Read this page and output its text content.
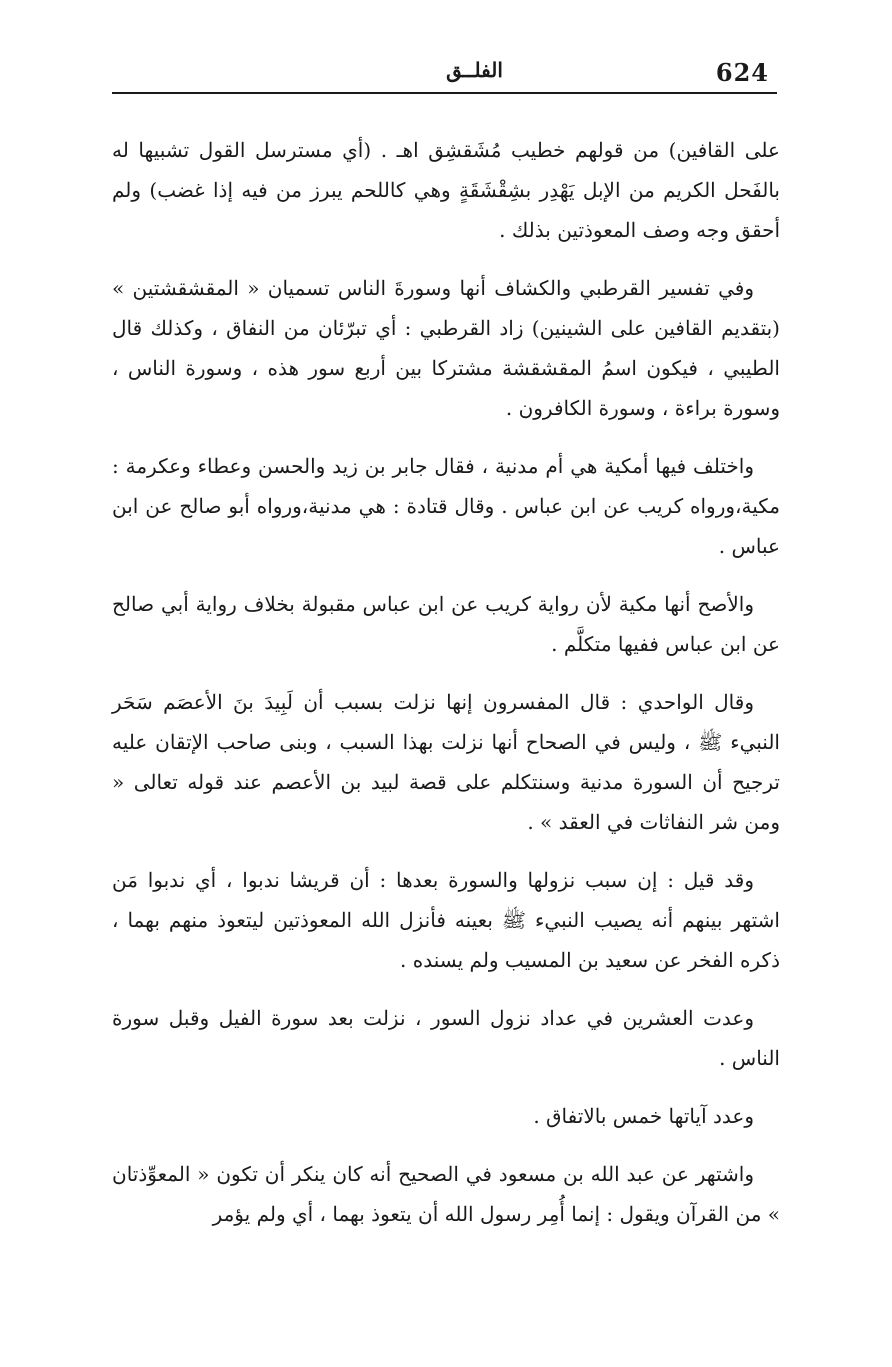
624
الفلــق

على القافين) من قولهم خطيب مُشَقشِق اهـ . (أي مسترسل القول تشبيها له بالفَحل الكريم من الإبل يَهْدِر بشِقْشَقَةٍ وهي كاللحم يبرز من فيه إذا غضب) ولم أحقق وجه وصف المعوذتين بذلك .

وفي تفسير القرطبي والكشاف أنها وسورةَ الناس تسميان « المقشقشتين » (بتقديم القافين على الشينين) زاد القرطبي : أي تبرّئان من النفاق ، وكذلك قال الطيبي ، فيكون اسمُ المقشقشة مشتركا بين أربع سور هذه ، وسورة الناس ، وسورة براءة ، وسورة الكافرون .

واختلف فيها أمكية هي أم مدنية ، فقال جابر بن زيد والحسن وعطاء وعكرمة : مكية،ورواه كريب عن ابن عباس . وقال قتادة : هي مدنية،ورواه أبو صالح عن ابن عباس .

والأصح أنها مكية لأن رواية كريب عن ابن عباس مقبولة بخلاف رواية أبي صالح عن ابن عباس ففيها متكلَّم .

وقال الواحدي : قال المفسرون إنها نزلت بسبب أن لَبِيدَ بنَ الأعصَم سَحَر النبيء ﷺ ، وليس في الصحاح أنها نزلت بهذا السبب ، وبنى صاحب الإتقان عليه ترجيح أن السورة مدنية وسنتكلم على قصة لبيد بن الأعصم عند قوله تعالى « ومن شر النفاثات في العقد » .

وقد قيل : إن سبب نزولها والسورة بعدها : أن قريشا ندبوا ، أي ندبوا مَن اشتهر بينهم أنه يصيب النبيء ﷺ بعينه فأنزل الله المعوذتين ليتعوذ منهم بهما ، ذكره الفخر عن سعيد بن المسيب ولم يسنده .

وعدت العشرين في عداد نزول السور ، نزلت بعد سورة الفيل وقبل سورة الناس .

وعدد آياتها خمس بالاتفاق .

واشتهر عن عبد الله بن مسعود في الصحيح أنه كان ينكر أن تكون « المعوِّذتان » من القرآن ويقول : إنما أُمِر رسول الله أن يتعوذ بهما ، أي ولم يؤمر
